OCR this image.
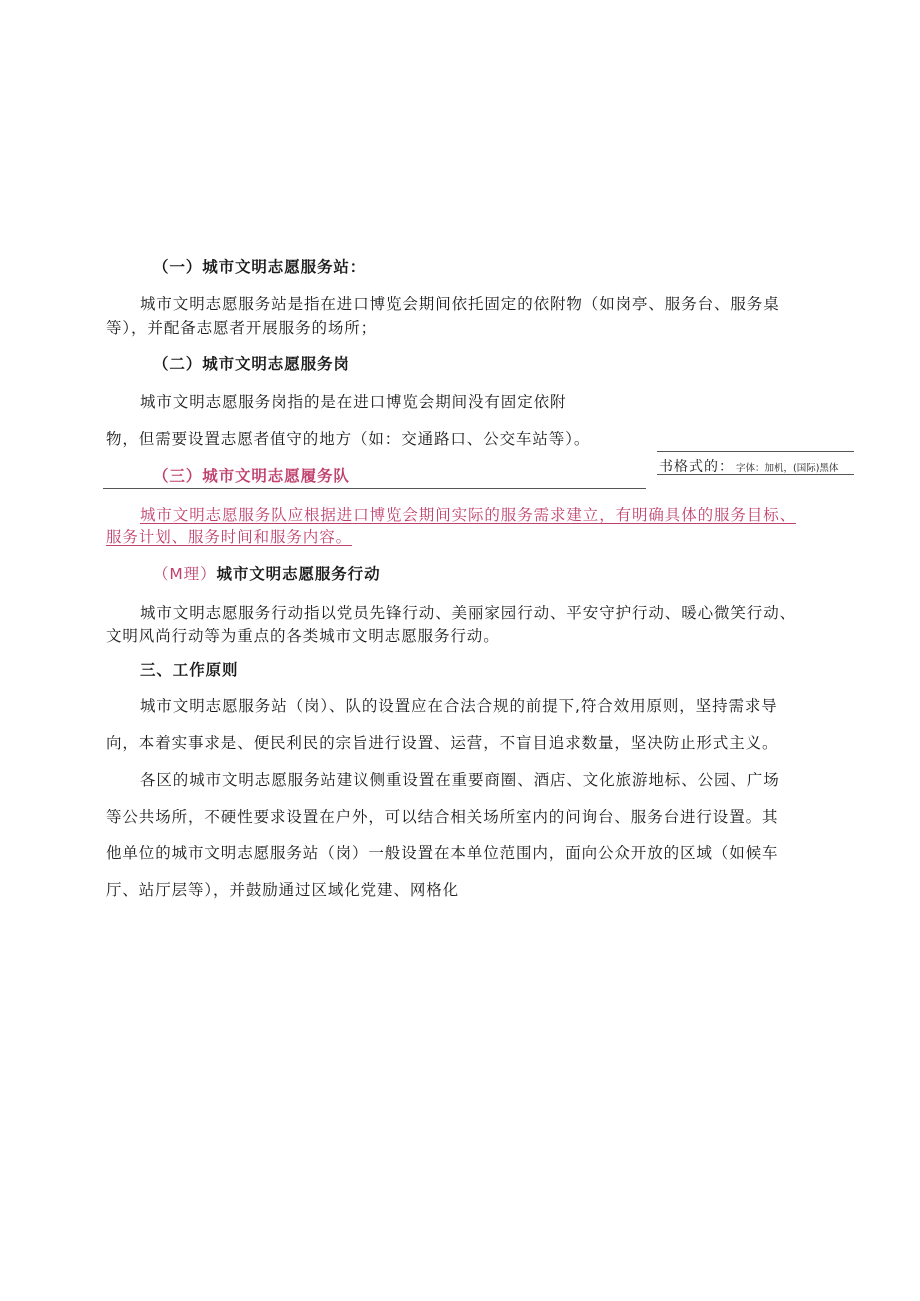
（一）城市文明志愿服务站：
城市文明志愿服务站是指在进口博览会期间依托固定的依附物（如岗亭、服务台、服务桌
等），并配备志愿者开展服务的场所；
（二）城市文明志愿服务岗
城市文明志愿服务岗指的是在进口博览会期间没有固定依附
物，但需要设置志愿者值守的地方（如：交通路口、公交车站等）。
（三）城市文明志愿履务队	书格式的： 字体：加机，(国际)黑体
城市文明志愿服务队应根据进口博览会期间实际的服务需求建立，有明确具体的服务目标、
服务计划、服务时间和服务内容。
（M理）城市文明志愿服务行动
城市文明志愿服务行动指以党员先锋行动、美丽家园行动、平安守护行动、暖心微笑行动、
文明风尚行动等为重点的各类城市文明志愿服务行动。
三、工作原则
城市文明志愿服务站（岗）、队的设置应在合法合规的前提下,符合效用原则，坚持需求导
向，本着实事求是、便民利民的宗旨进行设置、运营，不盲目追求数量，坚决防止形式主义。
各区的城市文明志愿服务站建议侧重设置在重要商圈、酒店、文化旅游地标、公园、广场
等公共场所，不硬性要求设置在户外，可以结合相关场所室内的问询台、服务台进行设置。其
他单位的城市文明志愿服务站（岗）一般设置在本单位范围内，面向公众开放的区域（如候车
厅、站厅层等），并鼓励通过区域化党建、网格化
